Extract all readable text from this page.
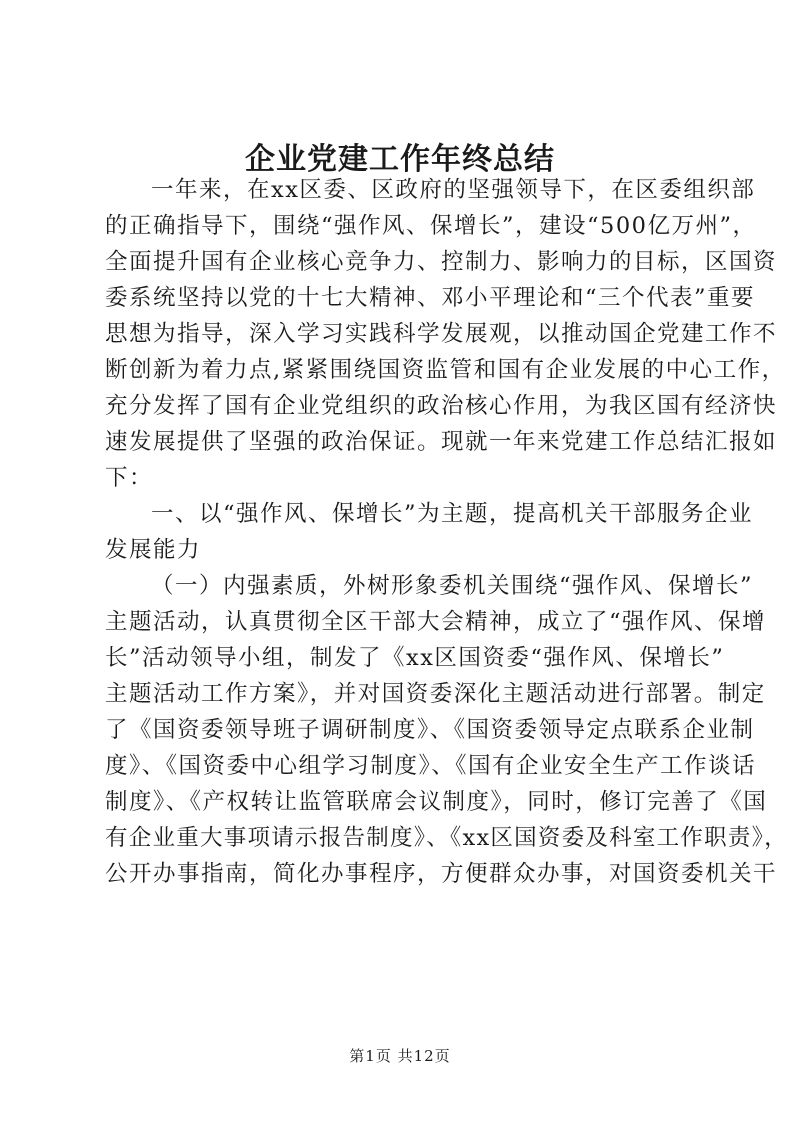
企业党建工作年终总结
一年来，在xx区委、区政府的坚强领导下，在区委组织部
的正确指导下，围绕“强作风、保增长”，建设“500亿万州”，
全面提升国有企业核心竞争力、控制力、影响力的目标，区国资
委系统坚持以党的十七大精神、邓小平理论和“三个代表”重要
思想为指导，深入学习实践科学发展观，以推动国企党建工作不
断创新为着力点,紧紧围绕国资监管和国有企业发展的中心工作，
充分发挥了国有企业党组织的政治核心作用，为我区国有经济快
速发展提供了坚强的政治保证。现就一年来党建工作总结汇报如
下：
一、以“强作风、保增长”为主题，提高机关干部服务企业
发展能力
（一）内强素质，外树形象委机关围绕“强作风、保增长”
主题活动，认真贯彻全区干部大会精神，成立了“强作风、保增
长”活动领导小组，制发了《xx区国资委“强作风、保增长”
主题活动工作方案》，并对国资委深化主题活动进行部署。制定
了《国资委领导班子调研制度》、《国资委领导定点联系企业制
度》、《国资委中心组学习制度》、《国有企业安全生产工作谈话
制度》、《产权转让监管联席会议制度》，同时，修订完善了《国
有企业重大事项请示报告制度》、《xx区国资委及科室工作职责》，
公开办事指南，简化办事程序，方便群众办事，对国资委机关干
第1页 共12页
